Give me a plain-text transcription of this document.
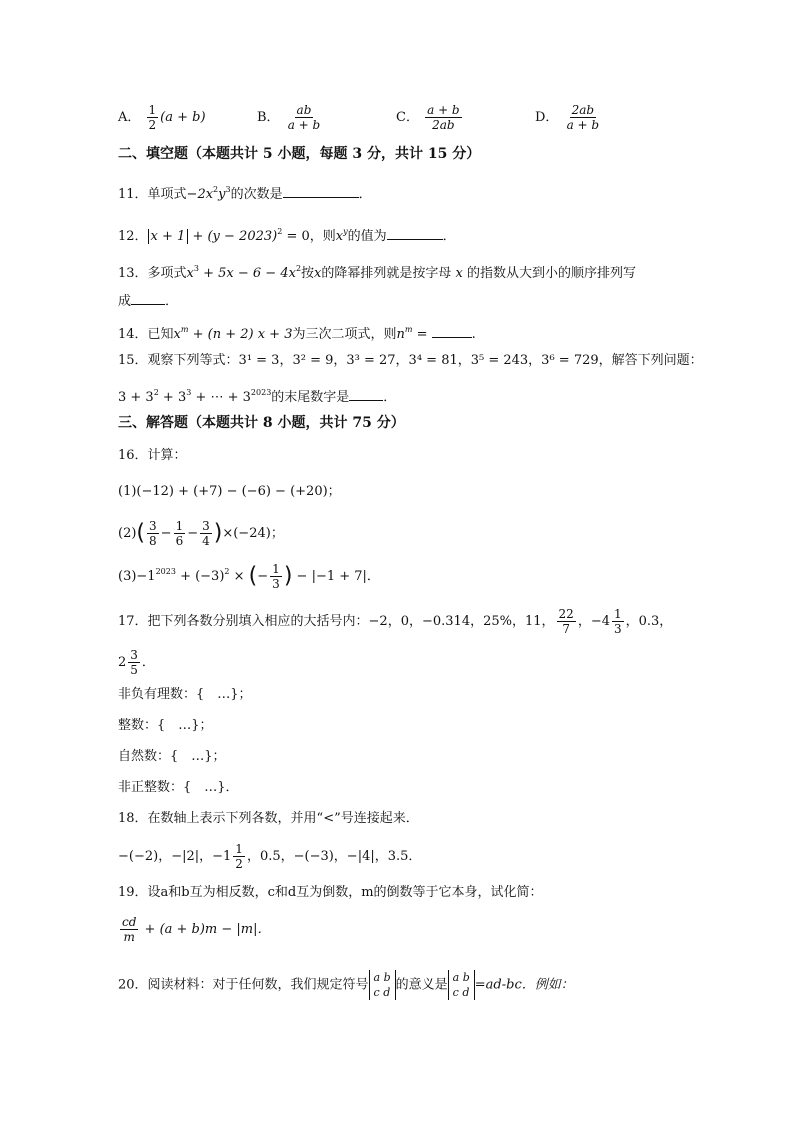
A． $\frac{1}{2} (a + b)$	B． $\frac{ab}{a + b}$	C． $\frac{a + b}{2ab}$	D． $\frac{2ab}{a + b}$
二、填空题（本题共计 5 小题，每题 3 分，共计 15 分）
11．单项式$-2x^2y^3$的次数是	．
12． $x + 1 + (y - 2023)^2 = 0$，则$x^y$的值为	．
13．多项式$x^3 + 5x - 6 - 4x^2$按x的降幂排列就是按字母 x 的指数从大到小的顺序排列写
成	．
14．已知$x^m + (n + 2) x + 3$为三次二项式，则$n^m$ =	.
15．观察下列等式：3¹ = 3，3² = 9，3³ = 27，3⁴ = 81，3⁵ = 243，3⁶ = 729，解答下列问题：
$3 + 3^2 + 3^3$ + ⋯ + $3^{2023}$的末尾数字是	．
三、解答题（本题共计 8 小题，共计 75 分）
16．计算：
(1)(−12) + (+7) − (−6) − (+20)；
$(2)( \frac{3}{8} - \frac{1}{6} - \frac{3}{4} )\times(-24)$；
$(3)-1^{2023} + (-3)^2$ × (− $\frac{1}{3}$ ) − |−1 + 7|．
17．把下列各数分别填入相应的大括号内：−2，0，−0.314，25%，11， $\frac{22}{7}$ ，$-4 \frac{1}{3}$ ，0.3，
$2 \frac{3}{5}$ ．
非负有理数：{　…}；
整数：{　…}；
自然数：{　…}；
非正整数：{　…}．
18．在数轴上表示下列各数，并用“<”号连接起来．
−(−2)，−|2|，$-1 \frac{1}{2}$ ，0.5，−(−3)，−|4|，3.5．
19．设a和b互为相反数，c和d互为倒数，m的倒数等于它本身，试化简：
$\frac{cd}{m} + (a + b)m - |m|$．
20．阅读材料：对于任何数，我们规定符号 a b
c d 的意义是 a b
c d =ad-bc．例如：
